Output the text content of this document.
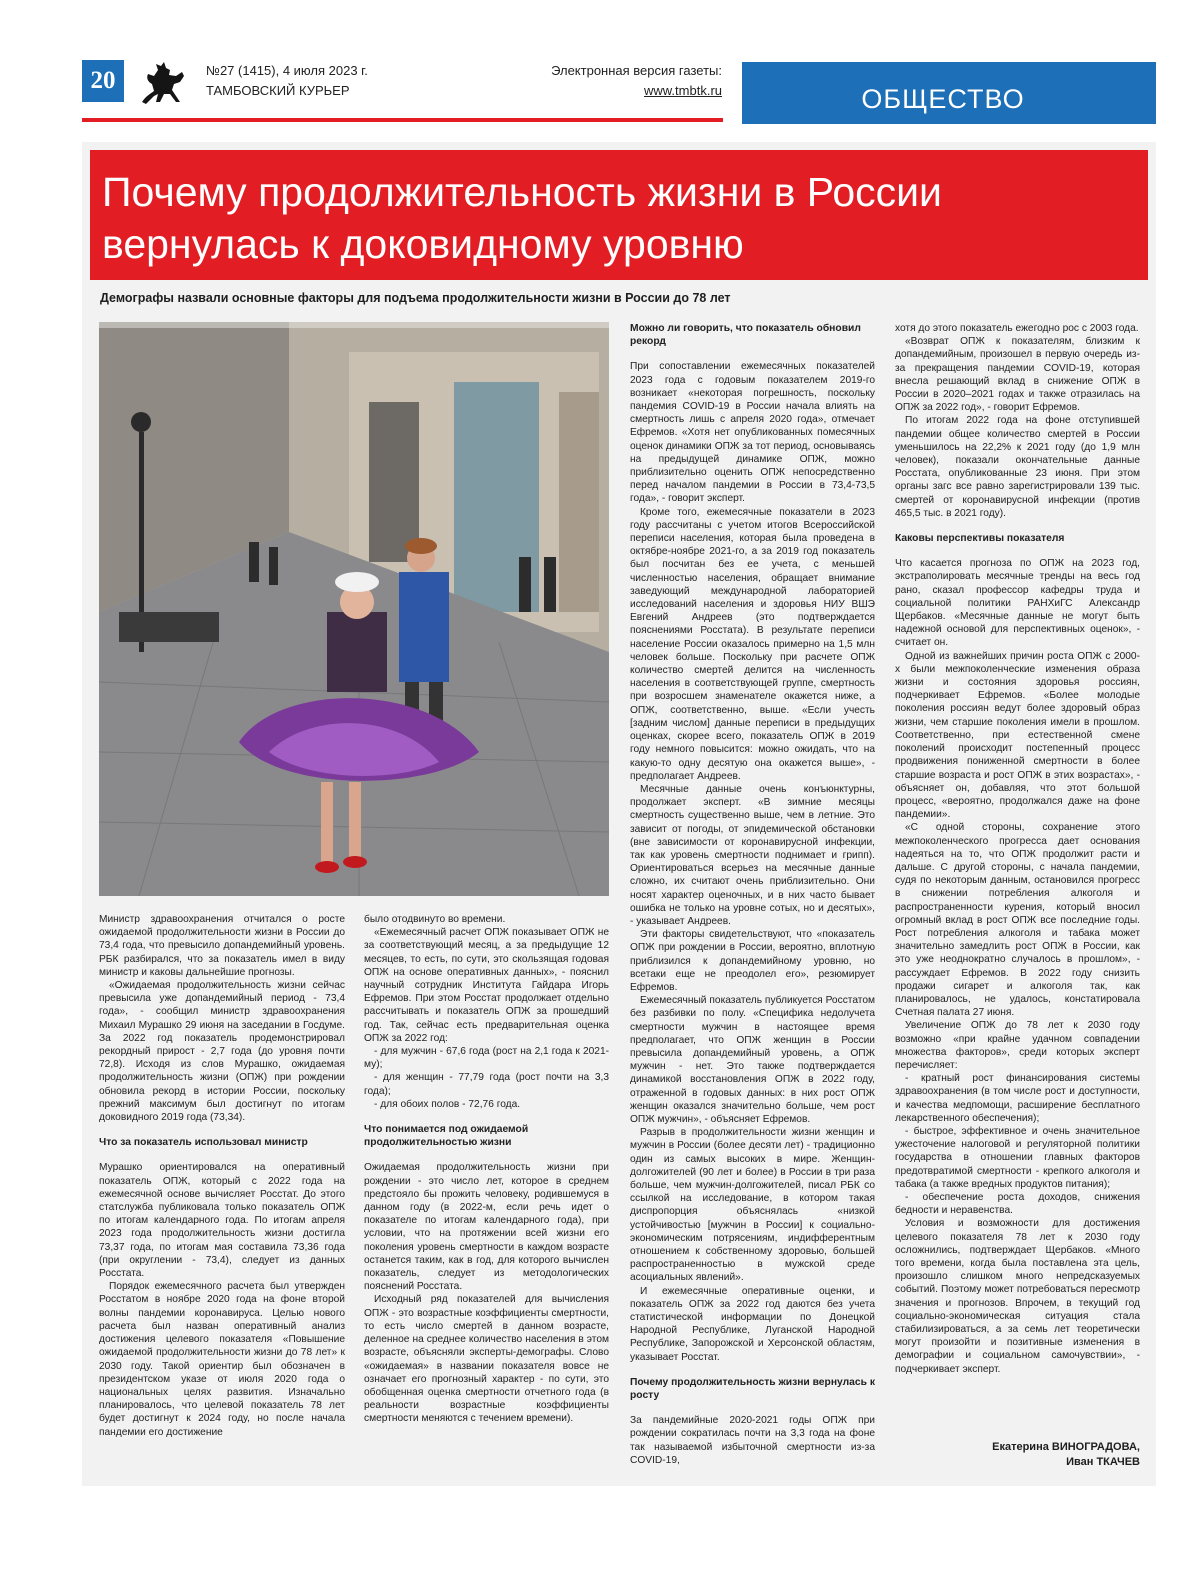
20	№27 (1415), 4 июля 2023 г.
ТАМБОВСКИЙ КУРЬЕР
Электронная версия газеты:
www.tmbtk.ru	ОБЩЕСТВО
Почему продолжительность жизни в России вернулась к доковидному уровню
Демографы назвали основные факторы для подъема продолжительности жизни в России до 78 лет

Министр здравоохранения отчитался о росте ожидаемой продолжительности жизни в России до 73,4 года, что превысило допандемийный уровень. РБК разбирался, что за показатель имел в виду министр и каковы дальнейшие прогнозы.

«Ожидаемая продолжительность жизни сейчас превысила уже допандемийный период - 73,4 года», - сообщил министр здравоохранения Михаил Мурашко 29 июня на заседании в Госдуме. За 2022 год показатель продемонстрировал рекордный прирост - 2,7 года (до уровня почти 72,8). Исходя из слов Мурашко, ожидаемая продолжительность жизни (ОПЖ) при рождении обновила рекорд в истории России, поскольку прежний максимум был достигнут по итогам доковидного 2019 года (73,34).

Что за показатель использовал министр

Мурашко ориентировался на оперативный показатель ОПЖ, который с 2022 года на ежемесячной основе вычисляет Росстат. До этого статслужба публиковала только показатель ОПЖ по итогам календарного года. По итогам апреля 2023 года продолжительность жизни достигла 73,37 года, по итогам мая составила 73,36 года (при округлении - 73,4), следует из данных Росстата.

Порядок ежемесячного расчета был утвержден Росстатом в ноябре 2020 года на фоне второй волны пандемии коронавируса. Целью нового расчета был назван оперативный анализ достижения целевого показателя «Повышение ожидаемой продолжительности жизни до 78 лет» к 2030 году. Такой ориентир был обозначен в президентском указе от июля 2020 года о национальных целях развития. Изначально планировалось, что целевой показатель 78 лет будет достигнут к 2024 году, но после начала пандемии его достижение

было отодвинуто во времени.

«Ежемесячный расчет ОПЖ показывает ОПЖ не за соответствующий месяц, а за предыдущие 12 месяцев, то есть, по сути, это скользящая годовая ОПЖ на основе оперативных данных», - пояснил научный сотрудник Института Гайдара Игорь Ефремов. При этом Росстат продолжает отдельно рассчитывать и показатель ОПЖ за прошедший год. Так, сейчас есть предварительная оценка ОПЖ за 2022 год:

- для мужчин - 67,6 года (рост на 2,1 года к 2021-му);

- для женщин - 77,79 года (рост почти на 3,3 года);

- для обоих полов - 72,76 года.

Что понимается под ожидаемой продолжительностью жизни

Ожидаемая продолжительность жизни при рождении - это число лет, которое в среднем предстояло бы прожить человеку, родившемуся в данном году (в 2022-м, если речь идет о показателе по итогам календарного года), при условии, что на протяжении всей жизни его поколения уровень смертности в каждом возрасте останется таким, как в год, для которого вычислен показатель, следует из методологических пояснений Росстата.

Исходный ряд показателей для вычисления ОПЖ - это возрастные коэффициенты смертности, то есть число смертей в данном возрасте, деленное на среднее количество населения в этом возрасте, объясняли эксперты-демографы. Слово «ожидаемая» в названии показателя вовсе не означает его прогнозный характер - по сути, это обобщенная оценка смертности отчетного года (в реальности возрастные коэффициенты смертности меняются с течением времени).

Можно ли говорить, что показатель обновил рекорд

При сопоставлении ежемесячных показателей 2023 года с годовым показателем 2019-го возникает «некоторая погрешность, поскольку пандемия COVID-19 в России начала влиять на смертность лишь с апреля 2020 года», отмечает Ефремов. «Хотя нет опубликованных помесячных оценок динамики ОПЖ за тот период, основываясь на предыдущей динамике ОПЖ, можно приблизительно оценить ОПЖ непосредственно перед началом пандемии в России в 73,4-73,5 года», - говорит эксперт.

Кроме того, ежемесячные показатели в 2023 году рассчитаны с учетом итогов Всероссийской переписи населения, которая была проведена в октябре-ноябре 2021-го, а за 2019 год показатель был посчитан без ее учета, с меньшей численностью населения, обращает внимание заведующий международной лабораторией исследований населения и здоровья НИУ ВШЭ Евгений Андреев (это подтверждается пояснениями Росстата). В результате переписи население России оказалось примерно на 1,5 млн человек больше. Поскольку при расчете ОПЖ количество смертей делится на численность населения в соответствующей группе, смертность при возросшем знаменателе окажется ниже, а ОПЖ, соответственно, выше. «Если учесть [задним числом] данные переписи в предыдущих оценках, скорее всего, показатель ОПЖ в 2019 году немного повысится: можно ожидать, что на какую-то одну десятую она окажется выше», - предполагает Андреев.

Месячные данные очень конъюнктурны, продолжает эксперт. «В зимние месяцы смертность существенно выше, чем в летние. Это зависит от погоды, от эпидемической обстановки (вне зависимости от коронавирусной инфекции, так как уровень смертности поднимает и грипп). Ориентироваться всерьез на месячные данные сложно, их считают очень приблизительно. Они носят характер оценочных, и в них часто бывает ошибка не только на уровне сотых, но и десятых», - указывает Андреев.

Эти факторы свидетельствуют, что «показатель ОПЖ при рождении в России, вероятно, вплотную приблизился к допандемийному уровню, но всетаки еще не преодолел его», резюмирует Ефремов.

Ежемесячный показатель публикуется Росстатом без разбивки по полу. «Специфика недолучета смертности мужчин в настоящее время предполагает, что ОПЖ женщин в России превысила допандемийный уровень, а ОПЖ мужчин - нет. Это также подтверждается динамикой восстановления ОПЖ в 2022 году, отраженной в годовых данных: в них рост ОПЖ женщин оказался значительно больше, чем рост ОПЖ мужчин», - объясняет Ефремов.

Разрыв в продолжительности жизни женщин и мужчин в России (более десяти лет) - традиционно один из самых высоких в мире. Женщин-долгожителей (90 лет и более) в России в три раза больше, чем мужчин-долгожителей, писал РБК со ссылкой на исследование, в котором такая диспропорция объяснялась «низкой устойчивостью [мужчин в России] к социально-экономическим потрясениям, индифферентным отношением к собственному здоровью, большей распространенностью в мужской среде асоциальных явлений».

И ежемесячные оперативные оценки, и показатель ОПЖ за 2022 год даются без учета статистической информации по Донецкой Народной Республике, Луганской Народной Республике, Запорожской и Херсонской областям, указывает Росстат.

Почему продолжительность жизни вернулась к росту

За пандемийные 2020-2021 годы ОПЖ при рождении сократилась почти на 3,3 года на фоне так называемой избыточной смертности из-за COVID-19,

хотя до этого показатель ежегодно рос с 2003 года.

«Возврат ОПЖ к показателям, близким к допандемийным, произошел в первую очередь из-за прекращения пандемии COVID-19, которая внесла решающий вклад в снижение ОПЖ в России в 2020–2021 годах и также отразилась на ОПЖ за 2022 год», - говорит Ефремов.

По итогам 2022 года на фоне отступившей пандемии общее количество смертей в России уменьшилось на 22,2% к 2021 году (до 1,9 млн человек), показали окончательные данные Росстата, опубликованные 23 июня. При этом органы загс все равно зарегистрировали 139 тыс. смертей от коронавирусной инфекции (против 465,5 тыс. в 2021 году).

Каковы перспективы показателя

Что касается прогноза по ОПЖ на 2023 год, экстраполировать месячные тренды на весь год рано, сказал профессор кафедры труда и социальной политики РАНХиГС Александр Щербаков. «Месячные данные не могут быть надежной основой для перспективных оценок», - считает он.

Одной из важнейших причин роста ОПЖ с 2000-х были межпоколенческие изменения образа жизни и состояния здоровья россиян, подчеркивает Ефремов. «Более молодые поколения россиян ведут более здоровый образ жизни, чем старшие поколения имели в прошлом. Соответственно, при естественной смене поколений происходит постепенный процесс продвижения пониженной смертности в более старшие возраста и рост ОПЖ в этих возрастах», - объясняет он, добавляя, что этот большой процесс, «вероятно, продолжался даже на фоне пандемии».

«С одной стороны, сохранение этого межпоколенческого прогресса дает основания надеяться на то, что ОПЖ продолжит расти и дальше. С другой стороны, с начала пандемии, судя по некоторым данным, остановился прогресс в снижении потребления алкоголя и распространенности курения, который вносил огромный вклад в рост ОПЖ все последние годы. Рост потребления алкоголя и табака может значительно замедлить рост ОПЖ в России, как это уже неоднократно случалось в прошлом», - рассуждает Ефремов. В 2022 году снизить продажи сигарет и алкоголя так, как планировалось, не удалось, констатировала Счетная палата 27 июня.

Увеличение ОПЖ до 78 лет к 2030 году возможно «при крайне удачном совпадении множества факторов», среди которых эксперт перечисляет:

- кратный рост финансирования системы здравоохранения (в том числе рост и доступности, и качества медпомощи, расширение бесплатного лекарственного обеспечения);

- быстрое, эффективное и очень значительное ужесточение налоговой и регуляторной политики государства в отношении главных факторов предотвратимой смертности - крепкого алкоголя и табака (а также вредных продуктов питания);

- обеспечение роста доходов, снижения бедности и неравенства.

Условия и возможности для достижения целевого показателя 78 лет к 2030 году осложнились, подтверждает Щербаков. «Много того времени, когда была поставлена эта цель, произошло слишком много непредсказуемых событий. Поэтому может потребоваться пересмотр значения и прогнозов. Впрочем, в текущий год социально-экономическая ситуация стала стабилизироваться, а за семь лет теоретически могут произойти и позитивные изменения в демографии и социальном самочувствии», - подчеркивает эксперт.

Екатерина ВИНОГРАДОВА,
Иван ТКАЧЕВ
